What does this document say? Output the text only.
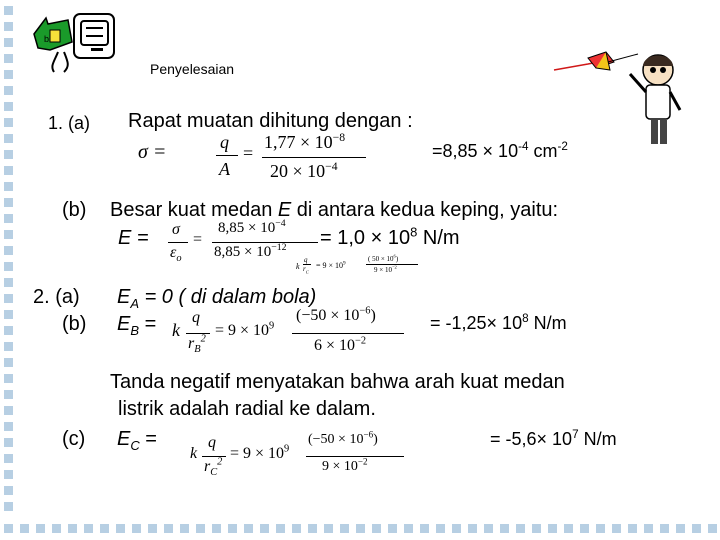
b
Penyelesaian
1. (a) Rapat muatan dihitung dengan :
σ =	q
A
=
$1,77 \times 10^{-8}$
$20 \times 10^{-4}$
$=8,85 \times 10^{-4}$ $cm^{-2}$
(b) Besar kuat medan E di antara kedua keping, yaitu:
E = σ
$\varepsilon_o$
=
$8,85 \times 10^{-4}$
$8,85 \times 10^{-12} = 1,0 \times 10^8$ N/m
k
q
$r_C$
= $9 \times 10^9$
( $50 \times 10^6$)
$9 \times 10^{-2}$
2. (a) $E_A = 0$ ( di dalam bola)
(b) $E_B = k$
q
$r_B^2$
= $9 \times 10^9$
$(-50 \times 10^{-6})$
$6 \times 10^{-2}$
= $-1,25\times 10^8$ N/m
Tanda negatif menyatakan bahwa arah kuat medan
listrik adalah radial ke dalam.
(c) $E_C$ =
k
q
$r_C^2$
= $9 \times 10^9$
$(-50 \times 10^{-6})$
$9 \times 10^{-2}$
= $-5,6\times 10^7$ N/m
